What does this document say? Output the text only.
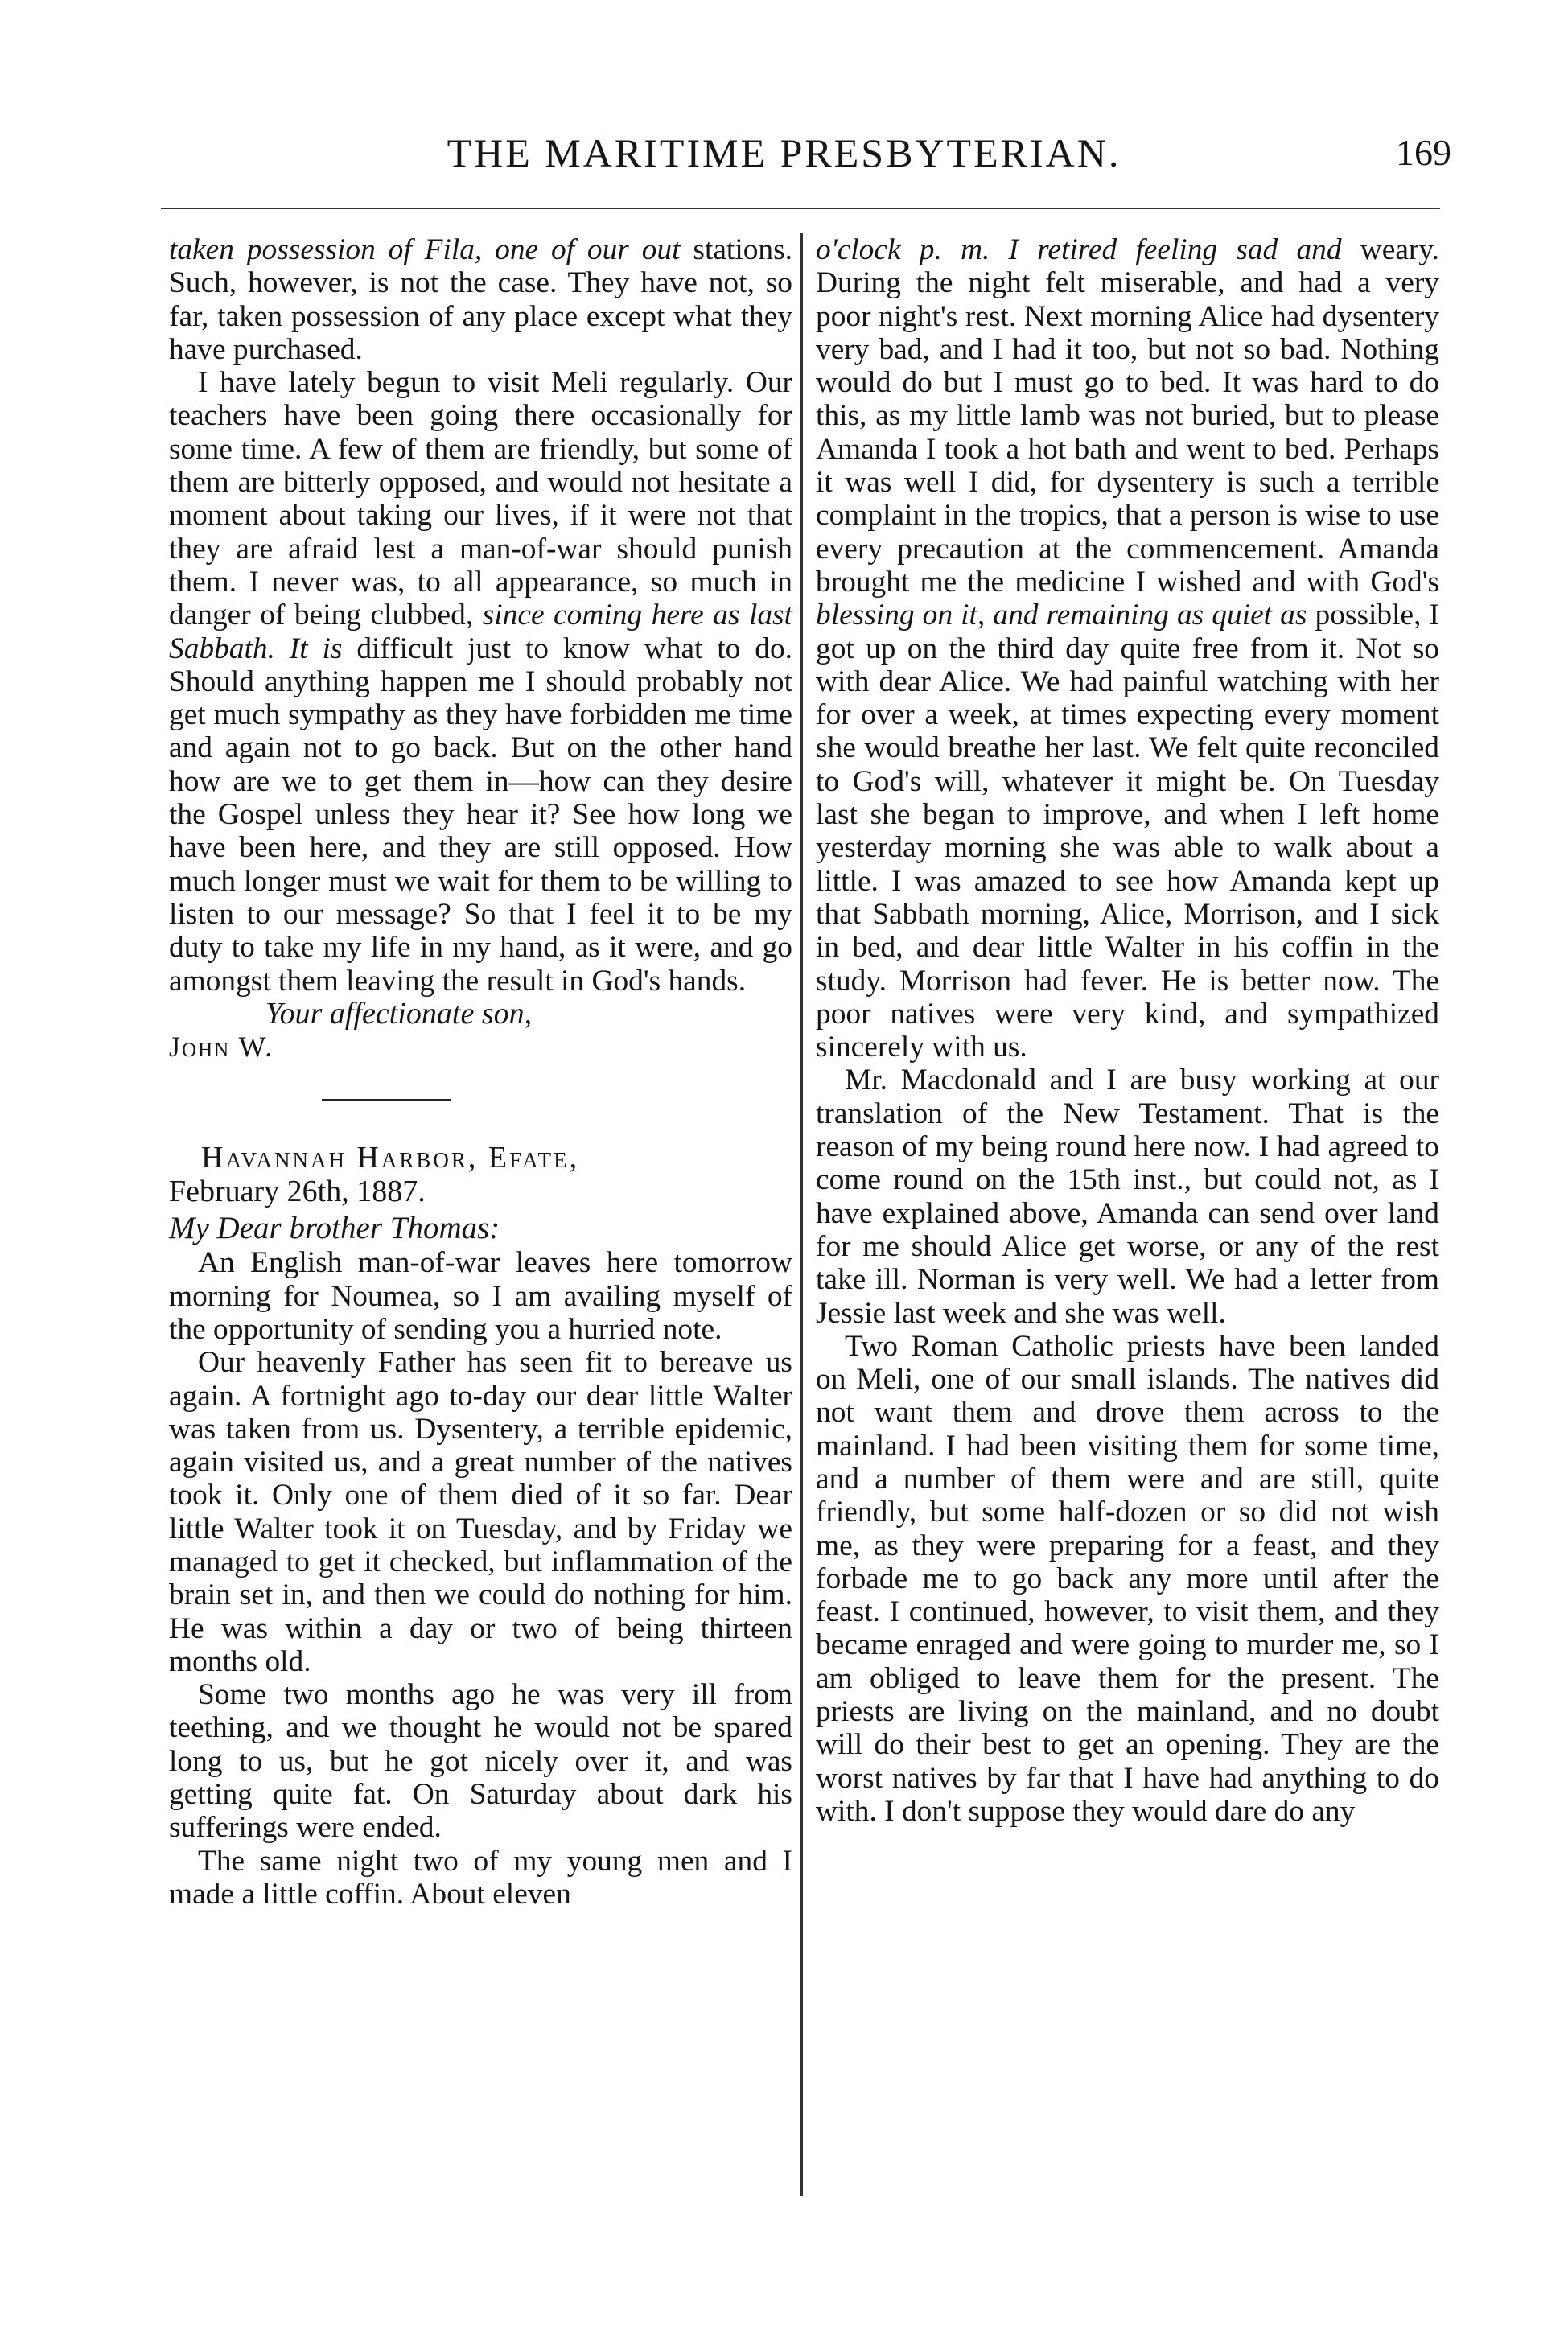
THE MARITIME PRESBYTERIAN.	169

taken possession of Fila, one of our out stations. Such, however, is not the case. They have not, so far, taken possession of any place except what they have purchased.

I have lately begun to visit Meli regularly. Our teachers have been going there occasionally for some time. A few of them are friendly, but some of them are bitterly opposed, and would not hesitate a moment about taking our lives, if it were not that they are afraid lest a man-of-war should punish them. I never was, to all appearance, so much in danger of being clubbed, since coming here as last Sabbath. It is difficult just to know what to do. Should anything happen me I should probably not get much sympathy as they have forbidden me time and again not to go back. But on the other hand how are we to get them in—how can they desire the Gospel unless they hear it? See how long we have been here, and they are still opposed. How much longer must we wait for them to be willing to listen to our message? So that I feel it to be my duty to take my life in my hand, as it were, and go amongst them leaving the result in God's hands.

Your affectionate son,

John W.

Havannah Harbor, Efate,

February 26th, 1887.

My Dear brother Thomas:

An English man-of-war leaves here tomorrow morning for Noumea, so I am availing myself of the opportunity of sending you a hurried note.

Our heavenly Father has seen fit to bereave us again. A fortnight ago to-day our dear little Walter was taken from us. Dysentery, a terrible epidemic, again visited us, and a great number of the natives took it. Only one of them died of it so far. Dear little Walter took it on Tuesday, and by Friday we managed to get it checked, but inflammation of the brain set in, and then we could do nothing for him. He was within a day or two of being thirteen months old.

Some two months ago he was very ill from teething, and we thought he would not be spared long to us, but he got nicely over it, and was getting quite fat. On Saturday about dark his sufferings were ended.

The same night two of my young men and I made a little coffin. About eleven

o'clock p. m. I retired feeling sad and weary. During the night felt miserable, and had a very poor night's rest. Next morning Alice had dysentery very bad, and I had it too, but not so bad. Nothing would do but I must go to bed. It was hard to do this, as my little lamb was not buried, but to please Amanda I took a hot bath and went to bed. Perhaps it was well I did, for dysentery is such a terrible complaint in the tropics, that a person is wise to use every precaution at the commencement. Amanda brought me the medicine I wished and with God's blessing on it, and remaining as quiet as possible, I got up on the third day quite free from it. Not so with dear Alice. We had painful watching with her for over a week, at times expecting every moment she would breathe her last. We felt quite reconciled to God's will, whatever it might be. On Tuesday last she began to improve, and when I left home yesterday morning she was able to walk about a little. I was amazed to see how Amanda kept up that Sabbath morning, Alice, Morrison, and I sick in bed, and dear little Walter in his coffin in the study. Morrison had fever. He is better now. The poor natives were very kind, and sympathized sincerely with us.

Mr. Macdonald and I are busy working at our translation of the New Testament. That is the reason of my being round here now. I had agreed to come round on the 15th inst., but could not, as I have explained above, Amanda can send over land for me should Alice get worse, or any of the rest take ill. Norman is very well. We had a letter from Jessie last week and she was well.

Two Roman Catholic priests have been landed on Meli, one of our small islands. The natives did not want them and drove them across to the mainland. I had been visiting them for some time, and a number of them were and are still, quite friendly, but some half-dozen or so did not wish me, as they were preparing for a feast, and they forbade me to go back any more until after the feast. I continued, however, to visit them, and they became enraged and were going to murder me, so I am obliged to leave them for the present. The priests are living on the mainland, and no doubt will do their best to get an opening. They are the worst natives by far that I have had anything to do with. I don't suppose they would dare do any
